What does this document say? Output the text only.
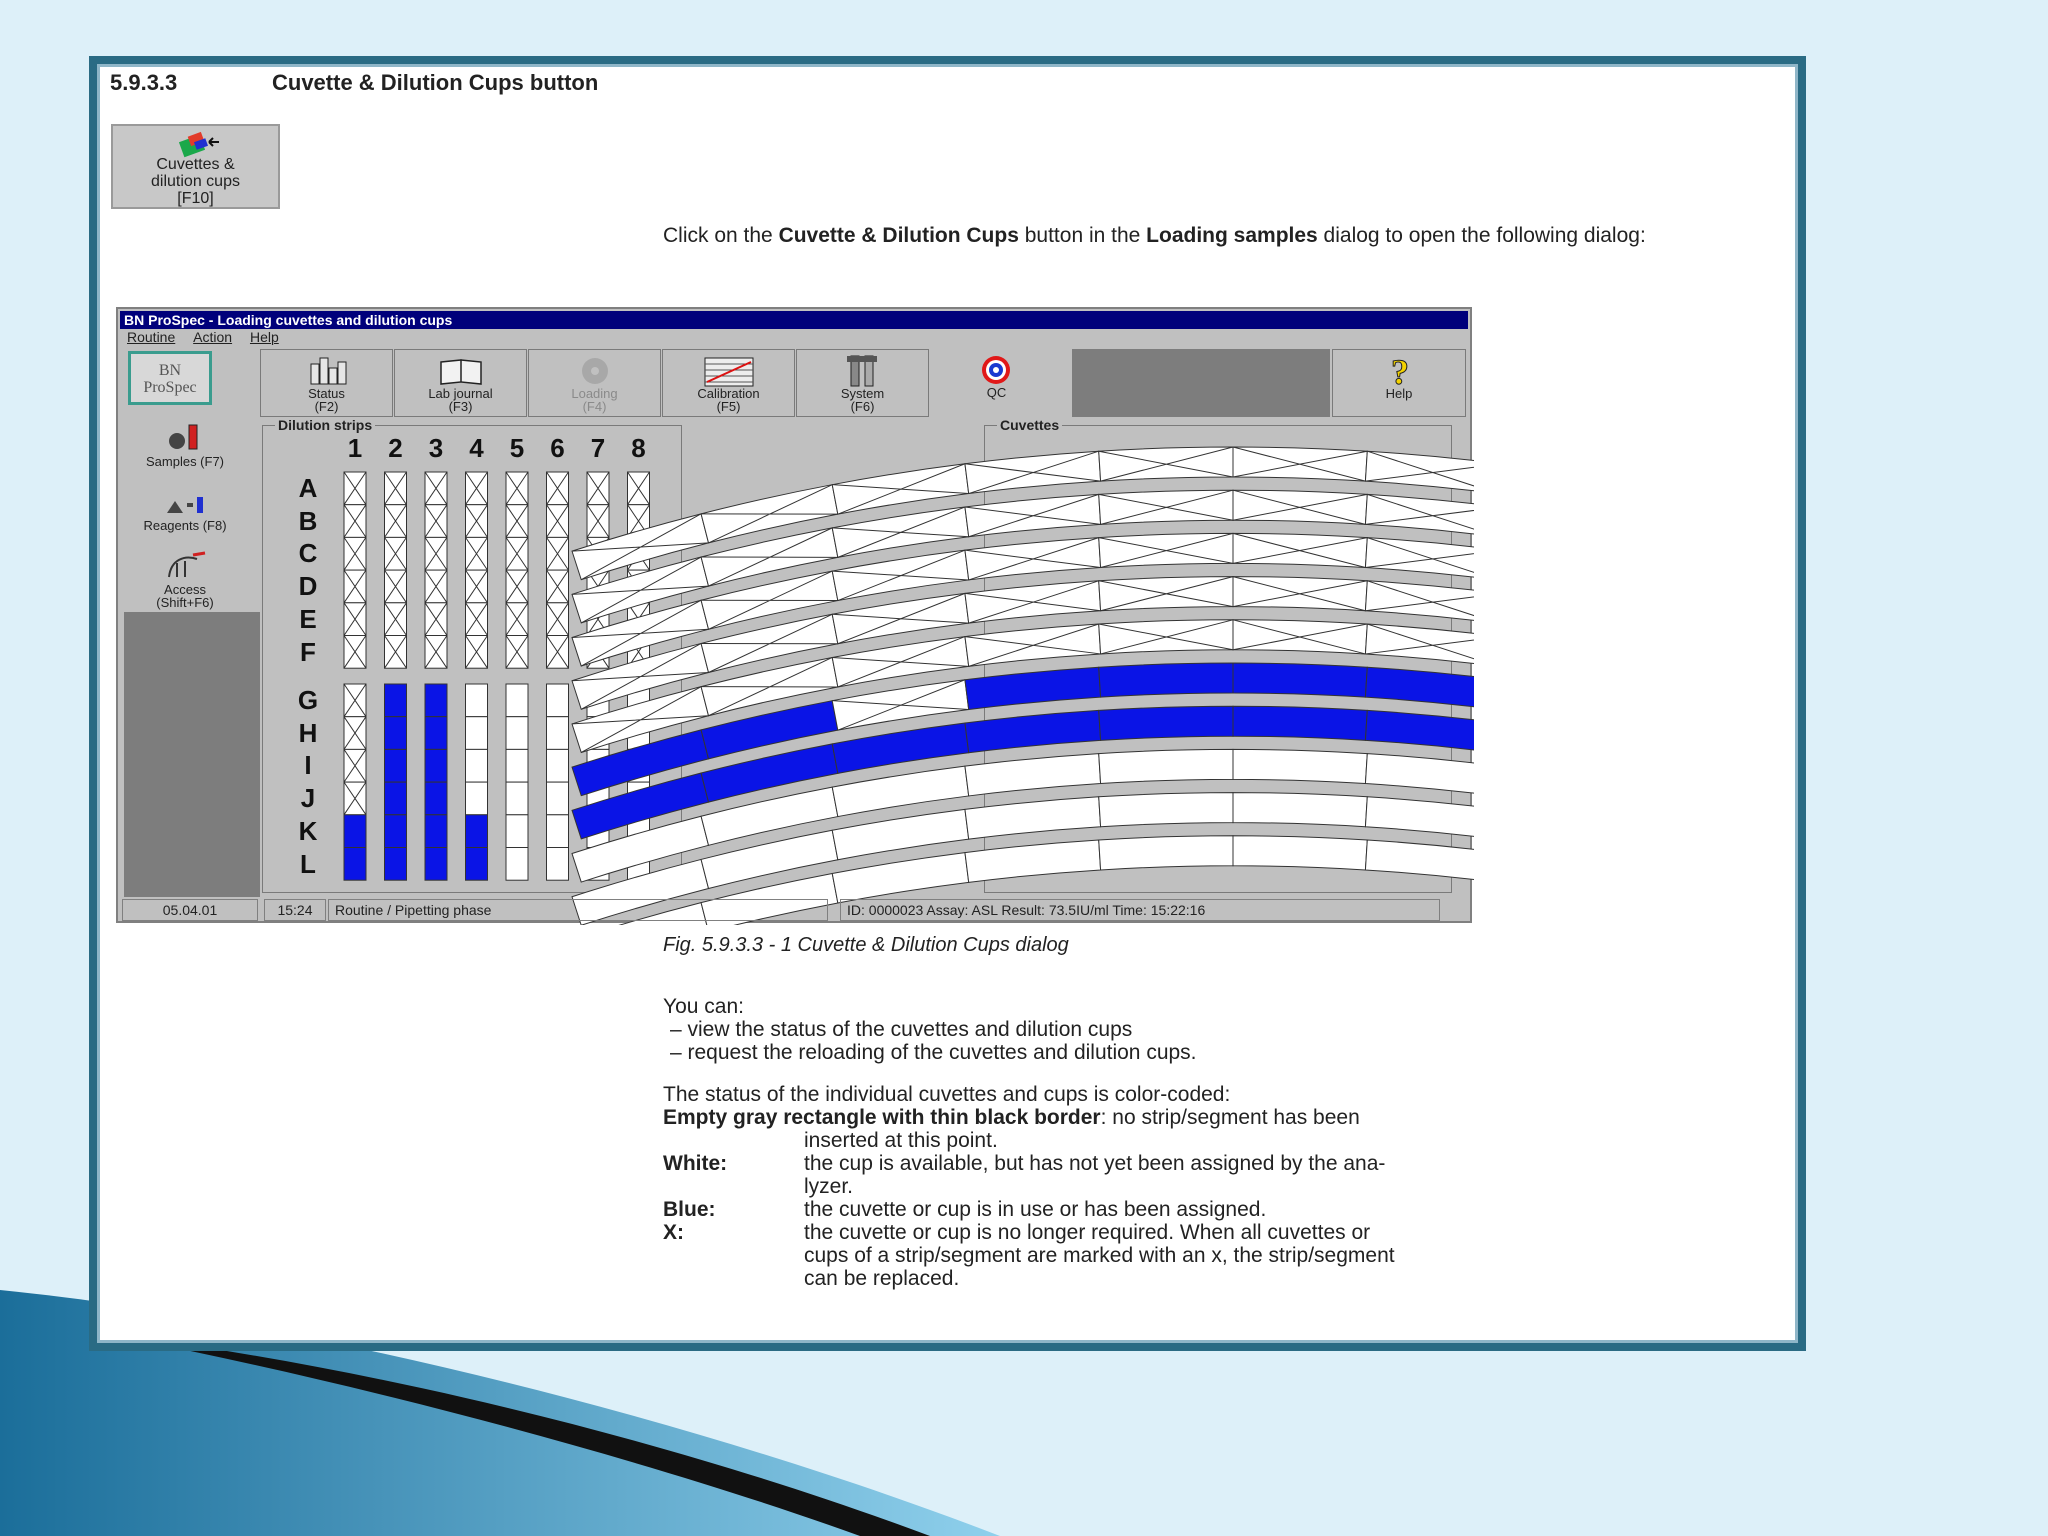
5.9.3.3	Cuvette & Dilution Cups button
Cuvettes &
dilution cups
[F10]
Click on the Cuvette & Dilution Cups button in the Loading samples dialog to open the following dialog:
BN ProSpec - Loading cuvettes and dilution cups
Routine Action Help
BN
ProSpec	Status
(F2)
Lab journal
(F3)
Loading
(F4)
Calibration
(F5)
System
(F6)
QC
?
Help
Samples (F7)
Reagents (F8)
Access
(Shift+F6)
Dilution strips
1 2 3 4 5 6 7 8
A
B
C
D
E
F
G
H
I
J
K
L
Cuvettes
05.04.01	15:24	Routine / Pipetting phase	ID: 0000023 Assay: ASL Result: 73.5IU/ml Time: 15:22:16
Fig. 5.9.3.3 - 1 Cuvette & Dilution Cups dialog
You can:
– view the status of the cuvettes and dilution cups
– request the reloading of the cuvettes and dilution cups.
The status of the individual cuvettes and cups is color-coded:
Empty gray rectangle with thin black border: no strip/segment has been
inserted at this point.
White:	the cup is available, but has not yet been assigned by the ana-
lyzer.
Blue:	the cuvette or cup is in use or has been assigned.
X:	the cuvette or cup is no longer required. When all cuvettes or
cups of a strip/segment are marked with an x, the strip/segment
can be replaced.
